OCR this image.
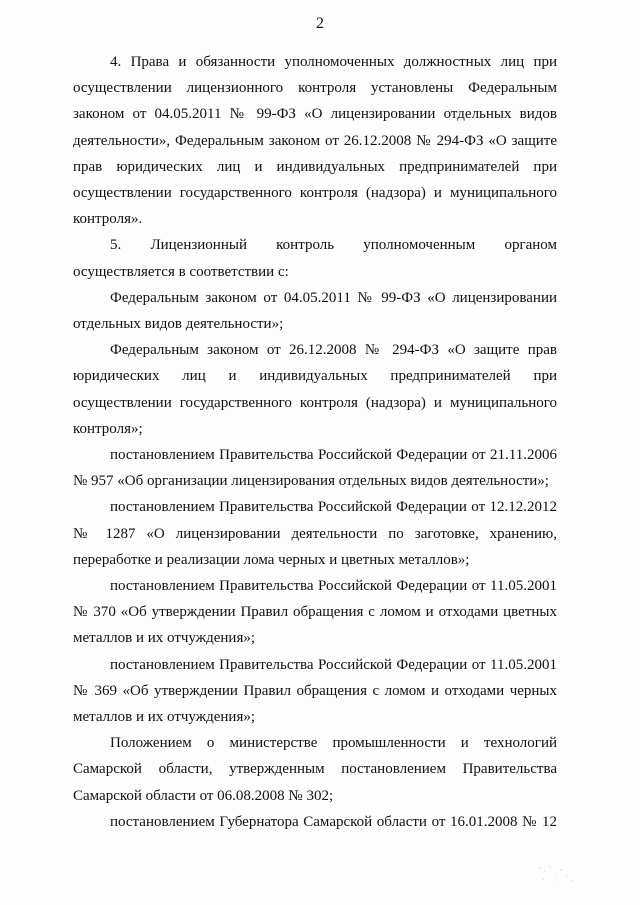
2

4. Права и обязанности уполномоченных должностных лиц при осуществлении лицензионного контроля установлены Федеральным законом от 04.05.2011 № 99-ФЗ «О лицензировании отдельных видов деятельности», Федеральным законом от 26.12.2008 № 294-ФЗ «О защите прав юридических лиц и индивидуальных предпринимателей при осуществлении государственного контроля (надзора) и муниципального контроля».

5. Лицензионный контроль уполномоченным органом осуществляется в соответствии с:

Федеральным законом от 04.05.2011 № 99-ФЗ «О лицензировании отдельных видов деятельности»;

Федеральным законом от 26.12.2008 № 294-ФЗ «О защите прав юридических лиц и индивидуальных предпринимателей при осуществлении государственного контроля (надзора) и муниципального контроля»;

постановлением Правительства Российской Федерации от 21.11.2006 № 957 «Об организации лицензирования отдельных видов деятельности»;

постановлением Правительства Российской Федерации от 12.12.2012 № 1287 «О лицензировании деятельности по заготовке, хранению, переработке и реализации лома черных и цветных металлов»;

постановлением Правительства Российской Федерации от 11.05.2001 № 370 «Об утверждении Правил обращения с ломом и отходами цветных металлов и их отчуждения»;

постановлением Правительства Российской Федерации от 11.05.2001 № 369 «Об утверждении Правил обращения с ломом и отходами черных металлов и их отчуждения»;

Положением о министерстве промышленности и технологий Самарской области, утвержденным постановлением Правительства Самарской области от 06.08.2008 № 302;

постановлением Губернатора Самарской области от 16.01.2008 № 12
